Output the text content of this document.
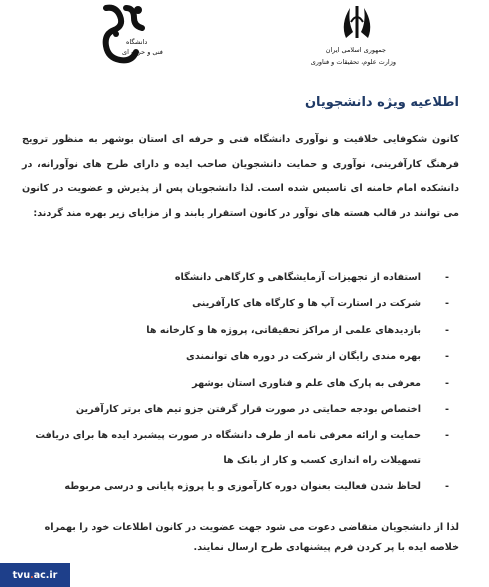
دانشگاه
فنی و حرفه ای	جمهوری اسلامی ایران
وزارت علوم، تحقیقات و فناوری
اطلاعیه ویژه دانشجویان
کانون شکوفایی خلاقیت و نوآوری دانشگاه فنی و حرفه ای استان بوشهر به منظور ترویج فرهنگ کارآفرینی، نوآوری و حمایت دانشجویان صاحب ایده و دارای طرح های نوآورانه، در دانشکده امام خامنه ای تاسیس شده است. لذا دانشجویان پس از پذیرش و عضویت در کانون می توانند در قالب هسته های نوآور در کانون استقرار یابند و از مزایای زیر بهره مند گردند:
-
استفاده از تجهیزات آزمایشگاهی و کارگاهی دانشگاه
-
شرکت در استارت آپ ها و کارگاه های کارآفرینی
-
بازدیدهای علمی از مراکز تحقیقاتی، پروژه ها و کارخانه ها
-
بهره مندی رایگان از شرکت در دوره های توانمندی
-
معرفی به پارک های علم و فناوری استان بوشهر
-
اختصاص بودجه حمایتی در صورت قرار گرفتن جزو تیم های برتر کارآفرین
-
حمایت و ارائه معرفی نامه از طرف دانشگاه در صورت پیشبرد ایده ها برای دریافت تسهیلات راه اندازی کسب و کار از بانک ها
-
لحاظ شدن فعالیت بعنوان دوره کارآموزی و یا پروژه پایانی و درسی مربوطه
لذا از دانشجویان متقاضی دعوت می شود جهت عضویت در کانون اطلاعات خود را بهمراه خلاصه ایده با پر کردن فرم پیشنهادی طرح ارسال نمایند.
tvu . ac.ir
